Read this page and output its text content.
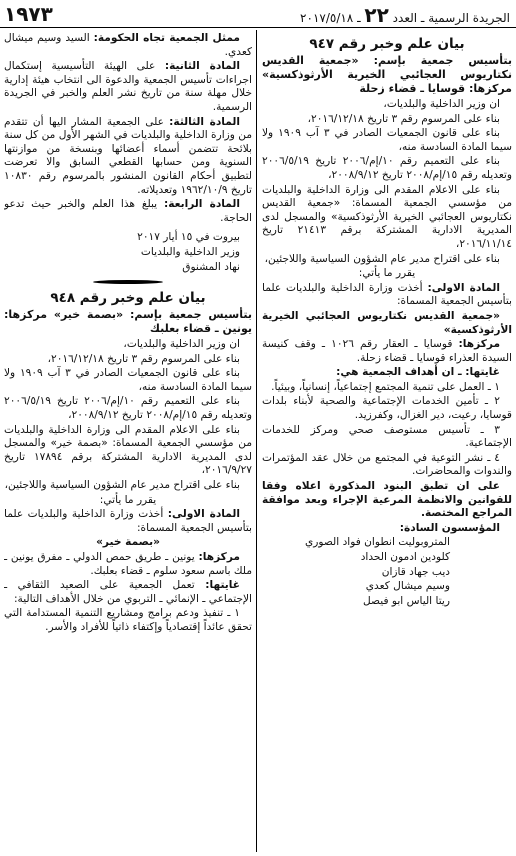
الجريدة الرسمية ـ العدد ٢٢ ـ ٢٠١٧/٥/١٨
١٩٧٣
بيان علم وخبر رقم ٩٤٧
بتأسيس جمعية بإسم: «جمعية القديس نكتاريوس العجائبي الخيرية الأرثوذكسية» مركزها: قوسايا ـ قضاء زحلة

ان وزير الداخلية والبلديات،

بناء على المرسوم رقم ٣ تاريخ ٢٠١٦/١٢/١٨،

بناء على قانون الجمعيات الصادر في ٣ آب ١٩٠٩ ولا سيما المادة السادسة منه،

بناء على التعميم رقم ١٠/إم/٢٠٠٦ تاريخ ٢٠٠٦/٥/١٩ وتعديله رقم ١٥/إم/٢٠٠٨ تاريخ ٢٠٠٨/٩/١٢،

بناء على الاعلام المقدم الى وزارة الداخلية والبلديات من مؤسسي الجمعية المسماة: «جمعية القديس نكتاريوس العجائبي الخيرية الأرثوذكسية» والمسجل لدى المديرية الادارية المشتركة برقم ٢١٤١٣ تاريخ ٢٠١٦/١١/١٤،

بناء على اقتراح مدير عام الشؤون السياسية واللاجئين،

يقرر ما يأتي:

المادة الاولى: أخذت وزارة الداخلية والبلديات علما بتأسيس الجمعية المسماة:

«جمعية القديس نكتاريوس العجائبي الخيرية الأرثوذكسية»

مركزها: قوسايا ـ العقار رقم ١٠٢٦ ـ وقف كنيسة السيدة العذراء قوسايا ـ قضاء زحلة.

غايتها: ـ ان أهداف الجمعية هي:

١ ـ العمل على تنمية المجتمع إجتماعياً، إنسانياً، وبيئياً.

٢ ـ تأمين الخدمات الإجتماعية والصحية لأبناء بلدات قوسايا، رعيت، دير الغزال، وكفرزيد.

٣ ـ تأسيس مستوصف صحي ومركز للخدمات الإجتماعية.

٤ ـ نشر التوعية في المجتمع من خلال عقد المؤتمرات والندوات والمحاضرات.

على ان تطبق البنود المذكورة اعلاه وفقا للقوانين والانظمة المرعية الإجراء وبعد موافقة المراجع المختصة.

المؤسسون السادة:

المتروبوليت انطوان فواد الصوري

كلودين ادمون الحداد

ديب جهاد قازان

وسيم ميشال كعدي

ريتا الياس ابو فيصل

ممثل الجمعية تجاه الحكومة: السيد وسيم ميشال كعدي.

المادة الثانية: على الهيئة التأسيسية إستكمال اجراءات تأسيس الجمعية والدعوة الى انتخاب هيئة إدارية خلال مهلة سنة من تاريخ نشر العلم والخبر في الجريدة الرسمية.

المادة الثالثة: على الجمعية المشار اليها أن تتقدم من وزارة الداخلية والبلديات في الشهر الأول من كل سنة بلائحة تتضمن أسماء أعضائها وبنسخة من موازنتها السنوية ومن حسابها القطعي السابق والا تعرضت لتطبيق أحكام القانون المنشور بالمرسوم رقم ١٠٨٣٠ تاريخ ١٩٦٢/١٠/٩ وتعديلاته.

المادة الرابعة: يبلغ هذا العلم والخبر حيث تدعو الحاجة.

بيروت في ١٥ أيار ٢٠١٧

وزير الداخلية والبلديات

نهاد المشنوق

بيان علم وخبر رقم ٩٤٨
بتأسيس جمعية بإسم: «بصمة خير» مركزها: يونين ـ قضاء بعلبك

ان وزير الداخلية والبلديات،

بناء على المرسوم رقم ٣ تاريخ ٢٠١٦/١٢/١٨،

بناء على قانون الجمعيات الصادر في ٣ آب ١٩٠٩ ولا سيما المادة السادسة منه،

بناء على التعميم رقم ١٠/إم/٢٠٠٦ تاريخ ٢٠٠٦/٥/١٩ وتعديله رقم ١٥/إم/٢٠٠٨ تاريخ ٢٠٠٨/٩/١٢،

بناء على الاعلام المقدم الى وزارة الداخلية والبلديات من مؤسسي الجمعية المسماة: «بصمة خير» والمسجل لدى المديرية الادارية المشتركة برقم ١٧٨٩٤ تاريخ ٢٠١٦/٩/٢٧،

بناء على اقتراح مدير عام الشؤون السياسية واللاجئين،

يقرر ما يأتي:

المادة الاولى: أخذت وزارة الداخلية والبلديات علما بتأسيس الجمعية المسماة:

«بصمة خير»

مركزها: يونين ـ طريق حمص الدولي ـ مفرق يونين ـ ملك باسم سعود سلوم ـ قضاء بعلبك.

غايتها: تعمل الجمعية على الصعيد الثقافي ـ الإجتماعي ـ الإنمائي ـ التربوي من خلال الأهداف التالية:

١ ـ تنفيذ ودعم برامج ومشاريع التنمية المستدامة التي تحقق عائداً إقتصادياً وإكتفاء ذاتياً للأفراد والأسر.
